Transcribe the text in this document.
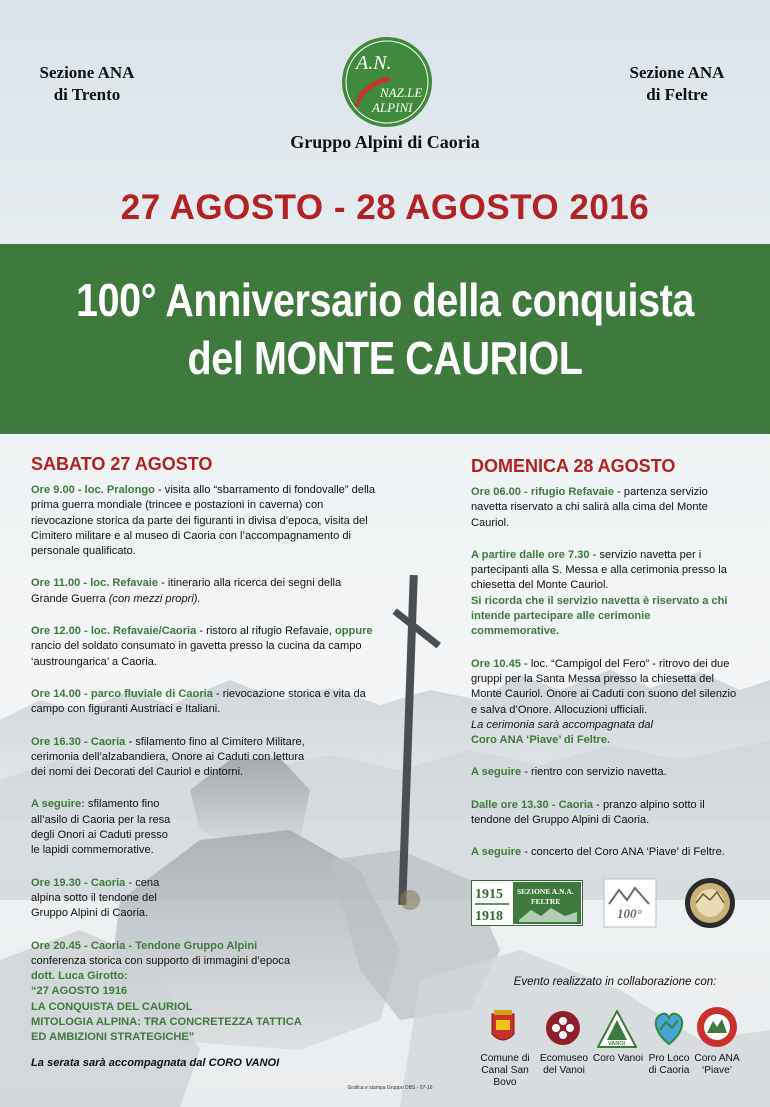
Sezione ANA
di Trento
Sezione ANA
di Feltre
A.N.
NAZ.LE
ALPINI
Gruppo Alpini di Caoria
27 AGOSTO - 28 AGOSTO 2016
100° Anniversario della conquista
del MONTE CAURIOL
SABATO 27 AGOSTO

Ore 9.00 - loc. Pralongo - visita allo “sbarramento di fondovalle” della prima guerra mondiale (trincee e postazioni in caverna) con rievocazione storica da parte dei figuranti in divisa d’epoca, visita del Cimitero militare e al museo di Caoria con l’accompagnamento di personale qualificato.

Ore 11.00 - loc. Refavaie - itinerario alla ricerca dei segni della Grande Guerra (con mezzi propri).

Ore 12.00 - loc. Refavaie/Caoria - ristoro al rifugio Refavaie, oppure rancio del soldato consumato in gavetta presso la cucina da campo ‘austroungarica’ a Caoria.

Ore 14.00 - parco fluviale di Caoria - rievocazione storica e vita da campo con figuranti Austriaci e Italiani.

Ore 16.30 - Caoria - sfilamento fino al Cimitero Militare, cerimonia dell’alzabandiera, Onore ai Caduti con lettura dei nomi dei Decorati del Cauriol e dintorni.

A seguire: sfilamento fino all’asilo di Caoria per la resa degli Onori ai Caduti presso le lapidi commemorative.

Ore 19.30 - Caoria - cena alpina sotto il tendone del Gruppo Alpini di Caoria.

Ore 20.45 - Caoria - Tendone Gruppo Alpini
conferenza storica con supporto di immagini d’epoca
dott. Luca Girotto:
“27 AGOSTO 1916
LA CONQUISTA DEL CAURIOL
MITOLOGIA ALPINA: TRA CONCRETEZZA TATTICA
ED AMBIZIONI STRATEGICHE”

La serata sarà accompagnata dal CORO VANOI
DOMENICA 28 AGOSTO

Ore 06.00 - rifugio Refavaie - partenza servizio navetta riservato a chi salirà alla cima del Monte Cauriol.

A partire dalle ore 7.30 - servizio navetta per i partecipanti alla S. Messa e alla cerimonia presso la chiesetta del Monte Cauriol.
Si ricorda che il servizio navetta è riservato a chi intende partecipare alle cerimonie commemorative.

Ore 10.45 - loc. “Campigol del Fero” - ritrovo dei due gruppi per la Santa Messa presso la chiesetta del Monte Cauriol. Onore ai Caduti con suono del silenzio e salva d’Onore. Allocuzioni ufficiali.
La cerimonia sarà accompagnata dal
Coro ANA ‘Piave’ di Feltre.

A seguire - rientro con servizio navetta.

Dalle ore 13.30 - Caoria - pranzo alpino sotto il tendone del Gruppo Alpini di Caoria.

A seguire - concerto del Coro ANA ‘Piave’ di Feltre.

1915
1918
SEZIONE A.N.A.
FELTRE
100°
Evento realizzato in collaborazione con:
VANOI
Comune di
Canal San Bovo
Ecomuseo
del Vanoi
Coro Vanoi Pro Loco
di Caoria
Coro ANA
‘Piave’
Grafica e stampa Gruppo DBS - 07-16
